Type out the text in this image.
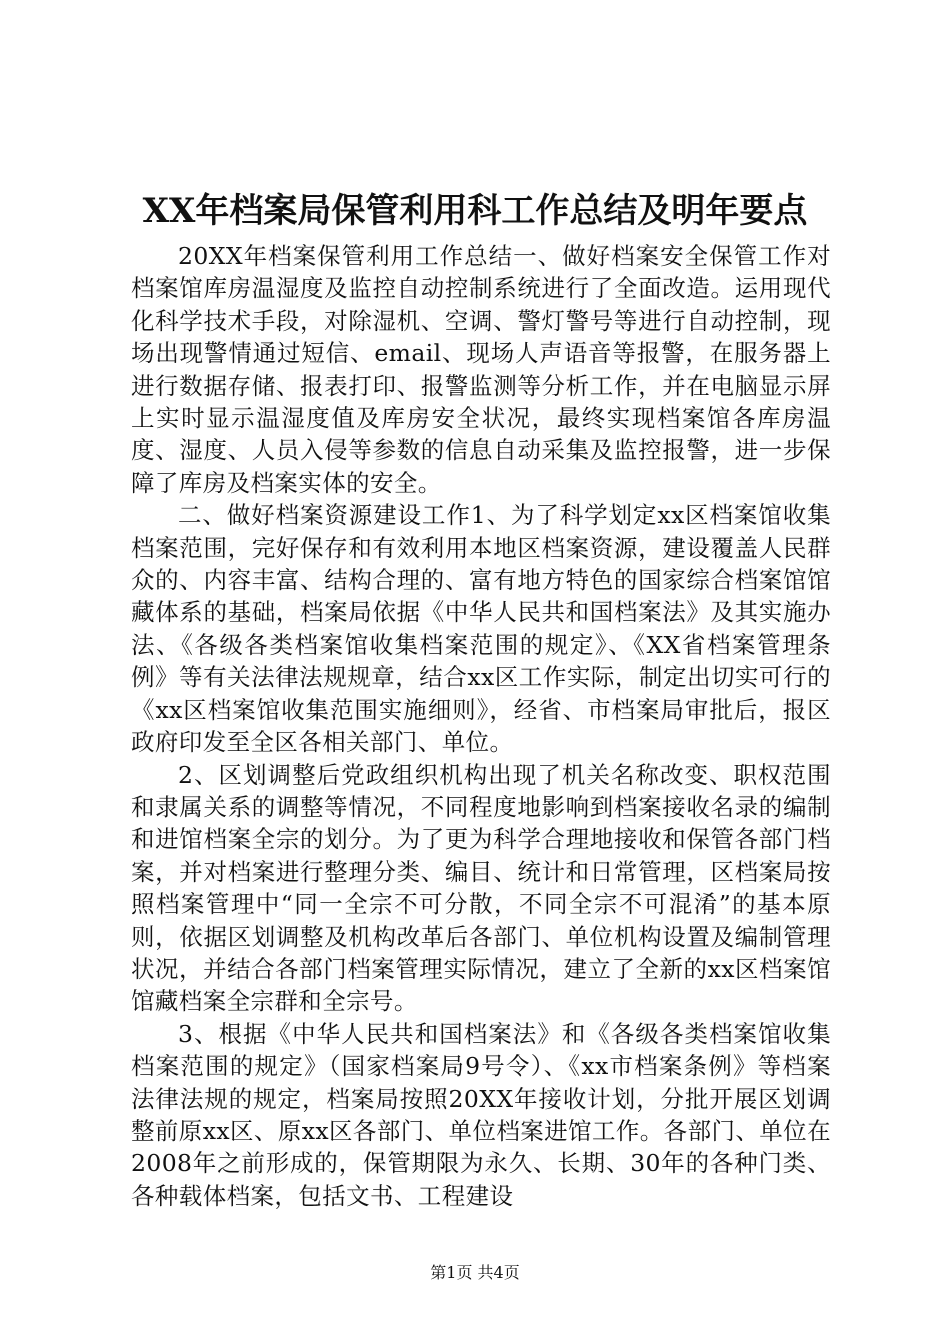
XX年档案局保管利用科工作总结及明年要点

20XX年档案保管利用工作总结一、做好档案安全保管工作对档案馆库房温湿度及监控自动控制系统进行了全面改造。运用现代化科学技术手段，对除湿机、空调、警灯警号等进行自动控制，现场出现警情通过短信、email、现场人声语音等报警，在服务器上进行数据存储、报表打印、报警监测等分析工作，并在电脑显示屏上实时显示温湿度值及库房安全状况，最终实现档案馆各库房温度、湿度、人员入侵等参数的信息自动采集及监控报警，进一步保障了库房及档案实体的安全。

二、做好档案资源建设工作1、为了科学划定xx区档案馆收集档案范围，完好保存和有效利用本地区档案资源，建设覆盖人民群众的、内容丰富、结构合理的、富有地方特色的国家综合档案馆馆藏体系的基础，档案局依据《中华人民共和国档案法》及其实施办法、《各级各类档案馆收集档案范围的规定》、《XX省档案管理条例》等有关法律法规规章，结合xx区工作实际，制定出切实可行的《xx区档案馆收集范围实施细则》，经省、市档案局审批后，报区政府印发至全区各相关部门、单位。

2、区划调整后党政组织机构出现了机关名称改变、职权范围和隶属关系的调整等情况，不同程度地影响到档案接收名录的编制和进馆档案全宗的划分。为了更为科学合理地接收和保管各部门档案，并对档案进行整理分类、编目、统计和日常管理，区档案局按照档案管理中“同一全宗不可分散，不同全宗不可混淆”的基本原则，依据区划调整及机构改革后各部门、单位机构设置及编制管理状况，并结合各部门档案管理实际情况，建立了全新的xx区档案馆馆藏档案全宗群和全宗号。

3、根据《中华人民共和国档案法》和《各级各类档案馆收集档案范围的规定》（国家档案局9号令）、《xx市档案条例》等档案法律法规的规定，档案局按照20XX年接收计划，分批开展区划调整前原xx区、原xx区各部门、单位档案进馆工作。各部门、单位在2008年之前形成的，保管期限为永久、长期、30年的各种门类、各种载体档案，包括文书、工程建设

第1页 共4页
